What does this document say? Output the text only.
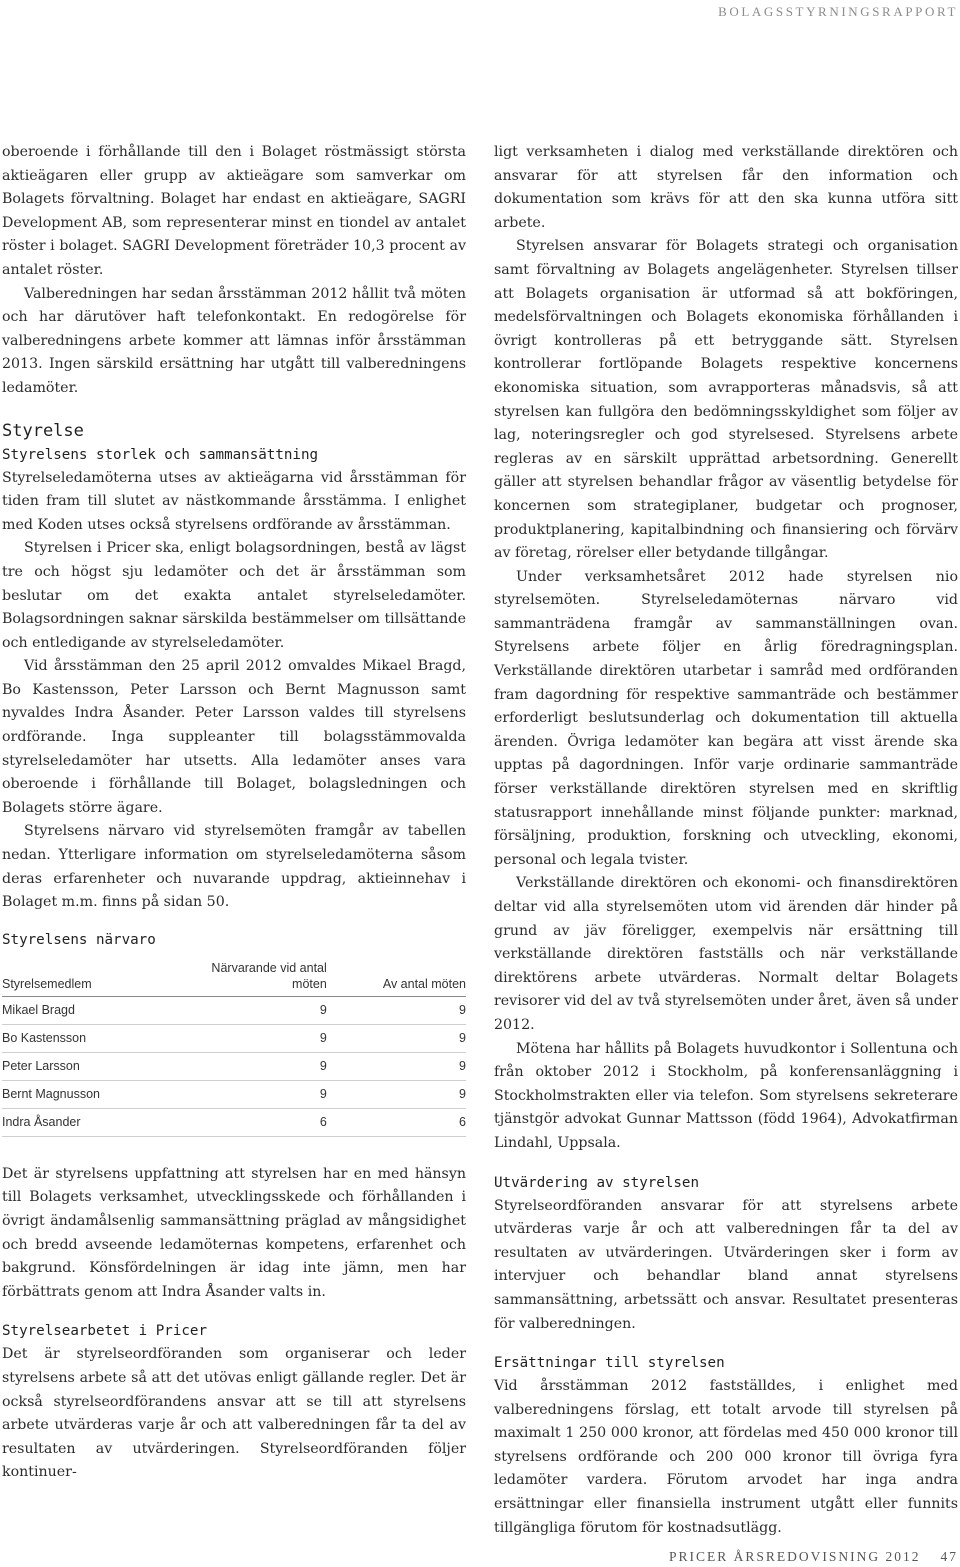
BOLAGSSTYRNINGSRAPPORT

oberoende i förhållande till den i Bolaget röstmässigt största aktieägaren eller grupp av aktieägare som samverkar om Bolagets förvaltning. Bolaget har endast en aktieägare, SAGRI Development AB, som representerar minst en tiondel av antalet röster i bolaget. SAGRI Development företräder 10,3 procent av antalet röster.

Valberedningen har sedan årsstämman 2012 hållit två möten och har därutöver haft telefonkontakt. En redogörelse för valberedningens arbete kommer att lämnas inför årsstämman 2013. Ingen särskild ersättning har utgått till valberedningens ledamöter.

Styrelse
Styrelsens storlek och sammansättning

Styrelseledamöterna utses av aktieägarna vid årsstämman för tiden fram till slutet av nästkommande årsstämma. I enlighet med Koden utses också styrelsens ordförande av årsstämman.

Styrelsen i Pricer ska, enligt bolagsordningen, bestå av lägst tre och högst sju ledamöter och det är årsstämman som beslutar om det exakta antalet styrelseledamöter. Bolagsordningen saknar särskilda bestämmelser om tillsättande och entledigande av styrelseledamöter.

Vid årsstämman den 25 april 2012 omvaldes Mikael Bragd, Bo Kastensson, Peter Larsson och Bernt Magnusson samt nyvaldes Indra Åsander. Peter Larsson valdes till styrelsens ordförande. Inga suppleanter till bolagsstämmovalda styrelseledamöter har utsetts. Alla ledamöter anses vara oberoende i förhållande till Bolaget, bolagsledningen och Bolagets större ägare.

Styrelsens närvaro vid styrelsemöten framgår av tabellen nedan. Ytterligare information om styrelseledamöterna såsom deras erfarenheter och nuvarande uppdrag, aktieinnehav i Bolaget m.m. finns på sidan 50.

Styrelsens närvaro
Styrelsemedlem	Närvarande vid antal möten	Av antal möten
Mikael Bragd	9	9
Bo Kastensson	9	9
Peter Larsson	9	9
Bernt Magnusson	9	9
Indra Åsander	6	6

Det är styrelsens uppfattning att styrelsen har en med hänsyn till Bolagets verksamhet, utvecklingsskede och förhållanden i övrigt ändamålsenlig sammansättning präglad av mångsidighet och bredd avseende ledamöternas kompetens, erfarenhet och bakgrund. Könsfördelningen är idag inte jämn, men har förbättrats genom att Indra Åsander valts in.

Styrelsearbetet i Pricer

Det är styrelseordföranden som organiserar och leder styrelsens arbete så att det utövas enligt gällande regler. Det är också styrelseordförandens ansvar att se till att styrelsens arbete utvärderas varje år och att valberedningen får ta del av resultaten av utvärderingen. Styrelseordföranden följer kontinuer-

ligt verksamheten i dialog med verkställande direktören och ansvarar för att styrelsen får den information och dokumentation som krävs för att den ska kunna utföra sitt arbete.

Styrelsen ansvarar för Bolagets strategi och organisation samt förvaltning av Bolagets angelägenheter. Styrelsen tillser att Bolagets organisation är utformad så att bokföringen, medelsförvaltningen och Bolagets ekonomiska förhållanden i övrigt kontrolleras på ett betryggande sätt. Styrelsen kontrollerar fortlöpande Bolagets respektive koncernens ekonomiska situation, som avrapporteras månadsvis, så att styrelsen kan fullgöra den bedömningsskyldighet som följer av lag, noteringsregler och god styrelsesed. Styrelsens arbete regleras av en särskilt upprättad arbetsordning. Generellt gäller att styrelsen behandlar frågor av väsentlig betydelse för koncernen som strategiplaner, budgetar och prognoser, produktplanering, kapitalbindning och finansiering och förvärv av företag, rörelser eller betydande tillgångar.

Under verksamhetsåret 2012 hade styrelsen nio styrelsemöten. Styrelseledamöternas närvaro vid sammanträdena framgår av sammanställningen ovan. Styrelsens arbete följer en årlig föredragningsplan. Verkställande direktören utarbetar i samråd med ordföranden fram dagordning för respektive sammanträde och bestämmer erforderligt beslutsunderlag och dokumentation till aktuella ärenden. Övriga ledamöter kan begära att visst ärende ska upptas på dagordningen. Inför varje ordinarie sammanträde förser verkställande direktören styrelsen med en skriftlig statusrapport innehållande minst följande punkter: marknad, försäljning, produktion, forskning och utveckling, ekonomi, personal och legala tvister.

Verkställande direktören och ekonomi- och finansdirektören deltar vid alla styrelsemöten utom vid ärenden där hinder på grund av jäv föreligger, exempelvis när ersättning till verkställande direktören fastställs och när verkställande direktörens arbete utvärderas. Normalt deltar Bolagets revisorer vid del av två styrelsemöten under året, även så under 2012.

Mötena har hållits på Bolagets huvudkontor i Sollentuna och från oktober 2012 i Stockholm, på konferensanläggning i Stockholmstrakten eller via telefon. Som styrelsens sekreterare tjänstgör advokat Gunnar Mattsson (född 1964), Advokatfirman Lindahl, Uppsala.

Utvärdering av styrelsen

Styrelseordföranden ansvarar för att styrelsens arbete utvärderas varje år och att valberedningen får ta del av resultaten av utvärderingen. Utvärderingen sker i form av intervjuer och behandlar bland annat styrelsens sammansättning, arbetssätt och ansvar. Resultatet presenteras för valberedningen.

Ersättningar till styrelsen

Vid årsstämman 2012 fastställdes, i enlighet med valberedningens förslag, ett totalt arvode till styrelsen på maximalt 1 250 000 kronor, att fördelas med 450 000 kronor till styrelsens ordförande och 200 000 kronor till övriga fyra ledamöter vardera. Förutom arvodet har inga andra ersättningar eller finansiella instrument utgått eller funnits tillgängliga förutom för kostnadsutlägg.

PRICER ÅRSREDOVISNING 2012 47
